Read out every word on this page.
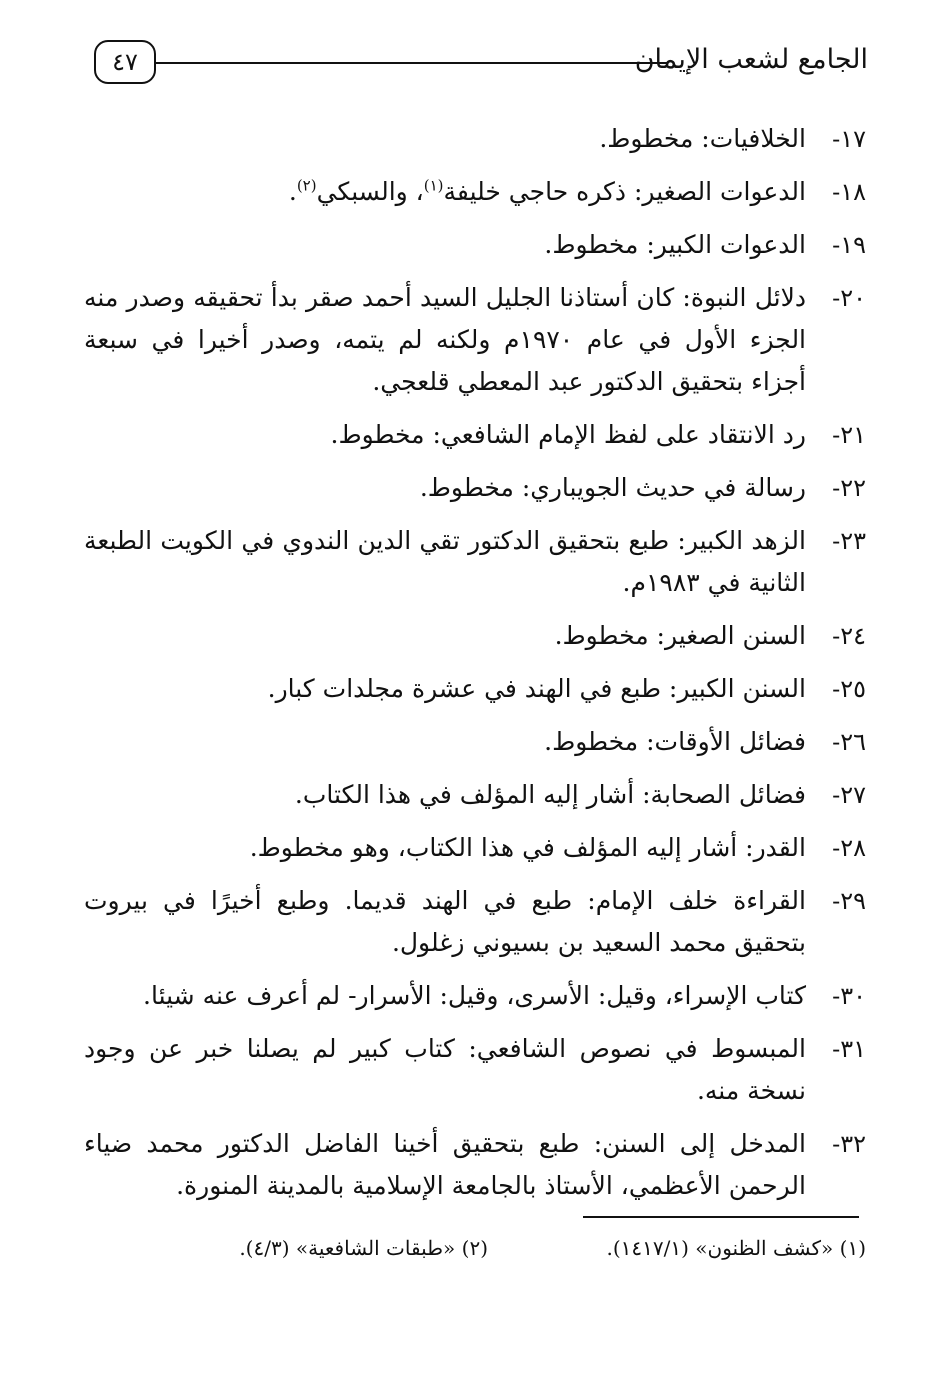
٤٧	الجامع لشعب الإيمان
١٧-
الخلافيات: مخطوط.
١٨-
الدعوات الصغير: ذكره حاجي خليفة$^{(١)}$، والسبكي$^{(٢)}$.
١٩-
الدعوات الكبير: مخطوط.
٢٠-
دلائل النبوة: كان أستاذنا الجليل السيد أحمد صقر بدأ تحقيقه وصدر منه الجزء الأول في عام ١٩٧٠م ولكنه لم يتمه، وصدر أخيرا في سبعة أجزاء بتحقيق الدكتور عبد المعطي قلعجي.
٢١-
رد الانتقاد على لفظ الإمام الشافعي: مخطوط.
٢٢-
رسالة في حديث الجويباري: مخطوط.
٢٣-
الزهد الكبير: طبع بتحقيق الدكتور تقي الدين الندوي في الكويت الطبعة الثانية في ١٩٨٣م.
٢٤-
السنن الصغير: مخطوط.
٢٥-
السنن الكبير: طبع في الهند في عشرة مجلدات كبار.
٢٦-
فضائل الأوقات: مخطوط.
٢٧-
فضائل الصحابة: أشار إليه المؤلف في هذا الكتاب.
٢٨-
القدر: أشار إليه المؤلف في هذا الكتاب، وهو مخطوط.
٢٩-
القراءة خلف الإمام: طبع في الهند قديما. وطبع أخيرًا في بيروت بتحقيق محمد السعيد بن بسيوني زغلول.
٣٠-
كتاب الإسراء، وقيل: الأسرى، وقيل: الأسرار- لم أعرف عنه شيئا.
٣١-
المبسوط في نصوص الشافعي: كتاب كبير لم يصلنا خبر عن وجود نسخة منه.
٣٢-
المدخل إلى السنن: طبع بتحقيق أخينا الفاضل الدكتور محمد ضياء الرحمن الأعظمي، الأستاذ بالجامعة الإسلامية بالمدينة المنورة.
(١) «كشف الظنون» (١٤١٧/١).
(٢) «طبقات الشافعية» (٤/٣).
